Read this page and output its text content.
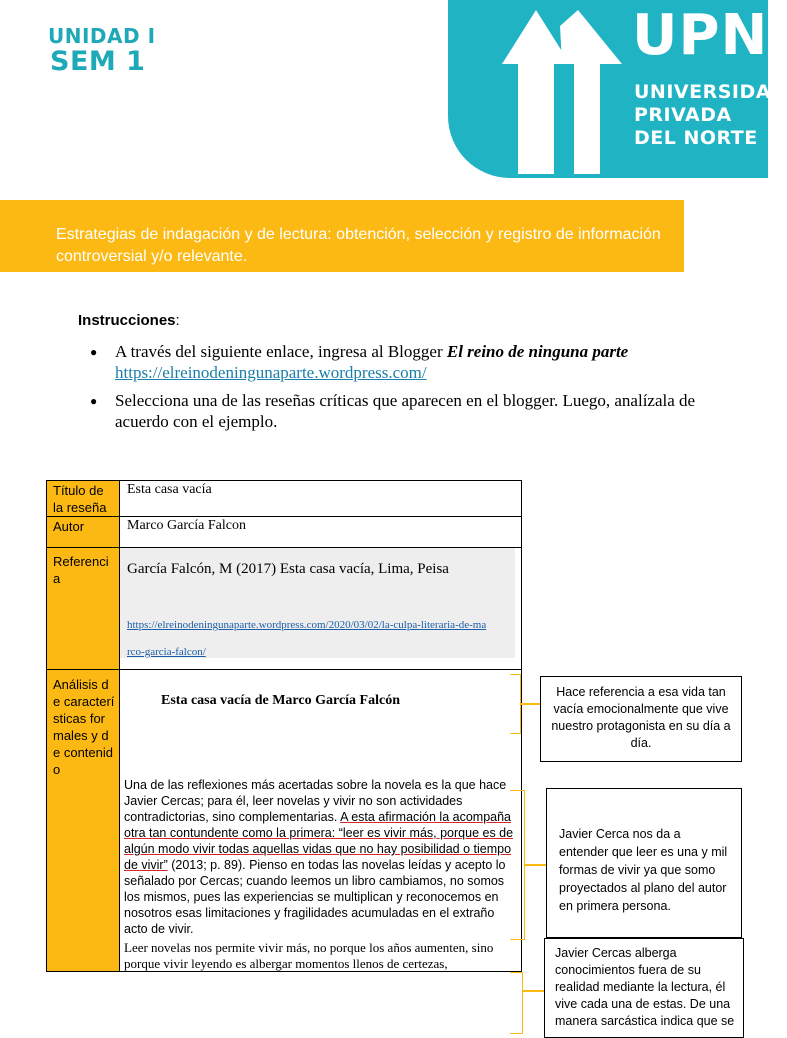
UNIDAD I
SEM 1	UPN
UNIVERSIDAD
PRIVADA
DEL NORTE
Estrategias de indagación y de lectura: obtención, selección y registro de información controversial y/o relevante.
Instrucciones:
● A través del siguiente enlace, ingresa al Blogger El reino de ninguna parte
https://elreinodeningunaparte.wordpress.com/
● Selecciona una de las reseñas críticas que aparecen en el blogger. Luego, analízala de acuerdo con el ejemplo.
Título de la reseña
Esta casa vacía
Autor	Marco García Falcon
Referencia
García Falcón, M (2017) Esta casa vacía, Lima, Peisa
https://elreinodeningunaparte.wordpress.com/2020/03/02/la-culpa-literaria-de-marco-garcia-falcon/
Análisis de características formales y de contenido
Esta casa vacía de Marco García Falcón
Una de las reflexiones más acertadas sobre la novela es la que hace Javier Cercas; para él, leer novelas y vivir no son actividades contradictorias, sino complementarias. A esta afirmación la acompaña otra tan contundente como la primera: “leer es vivir más, porque es de algún modo vivir todas aquellas vidas que no hay posibilidad o tiempo de vivir” (2013; p. 89). Pienso en todas las novelas leídas y acepto lo señalado por Cercas; cuando leemos un libro cambiamos, no somos los mismos, pues las experiencias se multiplican y reconocemos en nosotros esas limitaciones y fragilidades acumuladas en el extraño acto de vivir.
Leer novelas nos permite vivir más, no porque los años aumenten, sino porque vivir leyendo es albergar momentos llenos de certezas,
Hace referencia a esa vida tan vacía emocionalmente que vive nuestro protagonista en su día a día.
Javier Cerca nos da a entender que leer es una y mil formas de vivir ya que somo proyectados al plano del autor en primera persona.
Javier Cercas alberga conocimientos fuera de su realidad mediante la lectura, él vive cada una de estas. De una manera sarcástica indica que se
